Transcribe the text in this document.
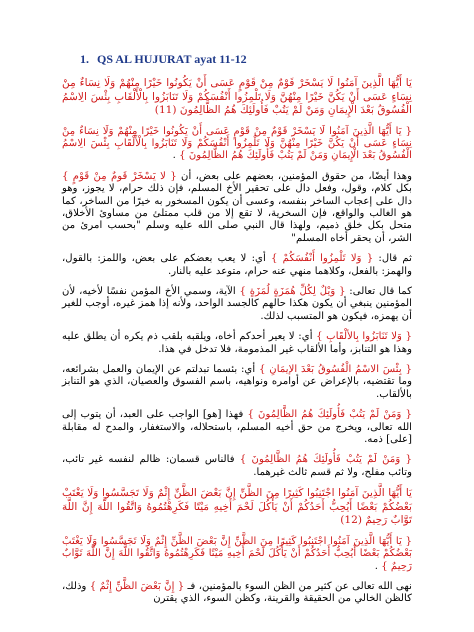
1. QS AL HUJURAT ayat 11-12

يَا أَيُّهَا الَّذِينَ آمَنُوا لَا يَسْخَرْ قَوْمٌ مِنْ قَوْمٍ عَسَى أَنْ يَكُونُوا خَيْرًا مِنْهُمْ وَلَا نِسَاءٌ مِنْ نِسَاءٍ عَسَى أَنْ يَكُنَّ خَيْرًا مِنْهُنَّ وَلَا تَلْمِزُوا أَنْفُسَكُمْ وَلَا تَنَابَزُوا بِالْأَلْقَابِ بِئْسَ الِاسْمُ الْفُسُوقُ بَعْدَ الْإِيمَانِ وَمَنْ لَمْ يَتُبْ فَأُولَئِكَ هُمُ الظَّالِمُونَ (11)

{ يَا أَيُّهَا الَّذِينَ آمَنُوا لَا يَسْخَرْ قَوْمٌ مِنْ قَوْمٍ عَسَى أَنْ يَكُونُوا خَيْرًا مِنْهُمْ وَلَا نِسَاءٌ مِنْ نِسَاءٍ عَسَى أَنْ يَكُنَّ خَيْرًا مِنْهُنَّ وَلَا تَلْمِزُوا أَنْفُسَكُمْ وَلَا تَنَابَزُوا بِالْأَلْقَابِ بِئْسَ الِاسْمُ الْفُسُوقُ بَعْدَ الْإِيمَانِ وَمَنْ لَمْ يَتُبْ فَأُولَئِكَ هُمُ الظَّالِمُونَ } .

وهذا أيضًا، من حقوق المؤمنين، بعضهم على بعض، أن { لا يَسْخَرْ قَومٌ مِنْ قَوْمٍ } بكل كلام، وقول، وفعل دال على تحقير الأخ المسلم، فإن ذلك حرام، لا يجوز، وهو دال على إعجاب الساخر بنفسه، وعسى أن يكون المسخور به خيرًا من الساخر، كما هو الغالب والواقع، فإن السخرية، لا تقع إلا من قلب ممتلئ من مساوئ الأخلاق، متحل بكل خلق ذميم، ولهذا قال النبي صلى الله عليه وسلم "بحسب امرئ من الشر، أن يحقر أخاه المسلم"

ثم قال: { وَلا تَلْمِزُوا أَنْفُسَكُمْ } أي: لا يعب بعضكم على بعض، واللمز: بالقول، والهمز: بالفعل، وكلاهما منهي عنه حرام، متوعد عليه بالنار.

كما قال تعالى: { وَيْلٌ لِكُلِّ هُمَزَةٍ لُمَزَةٍ } الآية، وسمي الأخ المؤمن نفسًا لأخيه، لأن المؤمنين ينبغي أن يكون هكذا حالهم كالجسد الواحد، ولأنه إذا همز غيره، أوجب للغير أن يهمزه، فيكون هو المتسبب لذلك.

{ وَلا تَنَابَزُوا بِالألْقَابِ } أي: لا يعير أحدكم أخاه، ويلقبه بلقب ذم يكره أن يطلق عليه وهذا هو التنابز، وأما الألقاب غير المذمومة، فلا تدخل في هذا.

{ بِئْسَ الاسْمُ الْفُسُوقُ بَعْدَ الإيمَانِ } أي: بئسما تبدلتم عن الإيمان والعمل بشرائعه، وما تقتضيه، بالإعراض عن أوامره ونواهيه، باسم الفسوق والعصيان، الذي هو التنابز بالألقاب.

{ وَمَنْ لَمْ يَتُبْ فَأُولَئِكَ هُمُ الظَّالِمُونَ } فهذا [هو] الواجب على العبد، أن يتوب إلى الله تعالى، ويخرج من حق أخيه المسلم، باستحلاله، والاستغفار، والمدح له مقابلة [على] ذمه.

{ وَمَنْ لَمْ يَتُبْ فَأُولَئِكَ هُمُ الظَّالِمُونَ } فالناس قسمان: ظالم لنفسه غير تائب، وتائب مفلح، ولا ثم قسم ثالث غيرهما.

يَا أَيُّهَا الَّذِينَ آمَنُوا اجْتَنِبُوا كَثِيرًا مِنَ الظَّنِّ إِنَّ بَعْضَ الظَّنِّ إِثْمٌ وَلَا تَجَسَّسُوا وَلَا يَغْتَبْ بَعْضُكُمْ بَعْضًا أَيُحِبُّ أَحَدُكُمْ أَنْ يَأْكُلَ لَحْمَ أَخِيهِ مَيْتًا فَكَرِهْتُمُوهُ وَاتَّقُوا اللَّهَ إِنَّ اللَّهَ تَوَّابٌ رَحِيمٌ (12)

{ يَا أَيُّهَا الَّذِينَ آمَنُوا اجْتَنِبُوا كَثِيرًا مِنَ الظَّنِّ إِنَّ بَعْضَ الظَّنِّ إِثْمٌ وَلَا تَجَسَّسُوا وَلَا يَغْتَبْ بَعْضُكُمْ بَعْضًا أَيُحِبُّ أَحَدُكُمْ أَنْ يَأْكُلَ لَحْمَ أَخِيهِ مَيْتًا فَكَرِهْتُمُوهُ وَاتَّقُوا اللَّهَ إِنَّ اللَّهَ تَوَّابٌ رَحِيمٌ } .

نهى الله تعالى عن كثير من الظن السوء بالمؤمنين، فـ { إِنَّ بَعْضَ الظَّنِّ إِثْمٌ } وذلك، كالظن الخالي من الحقيقة والقرينة، وكظن السوء، الذي يقترن
